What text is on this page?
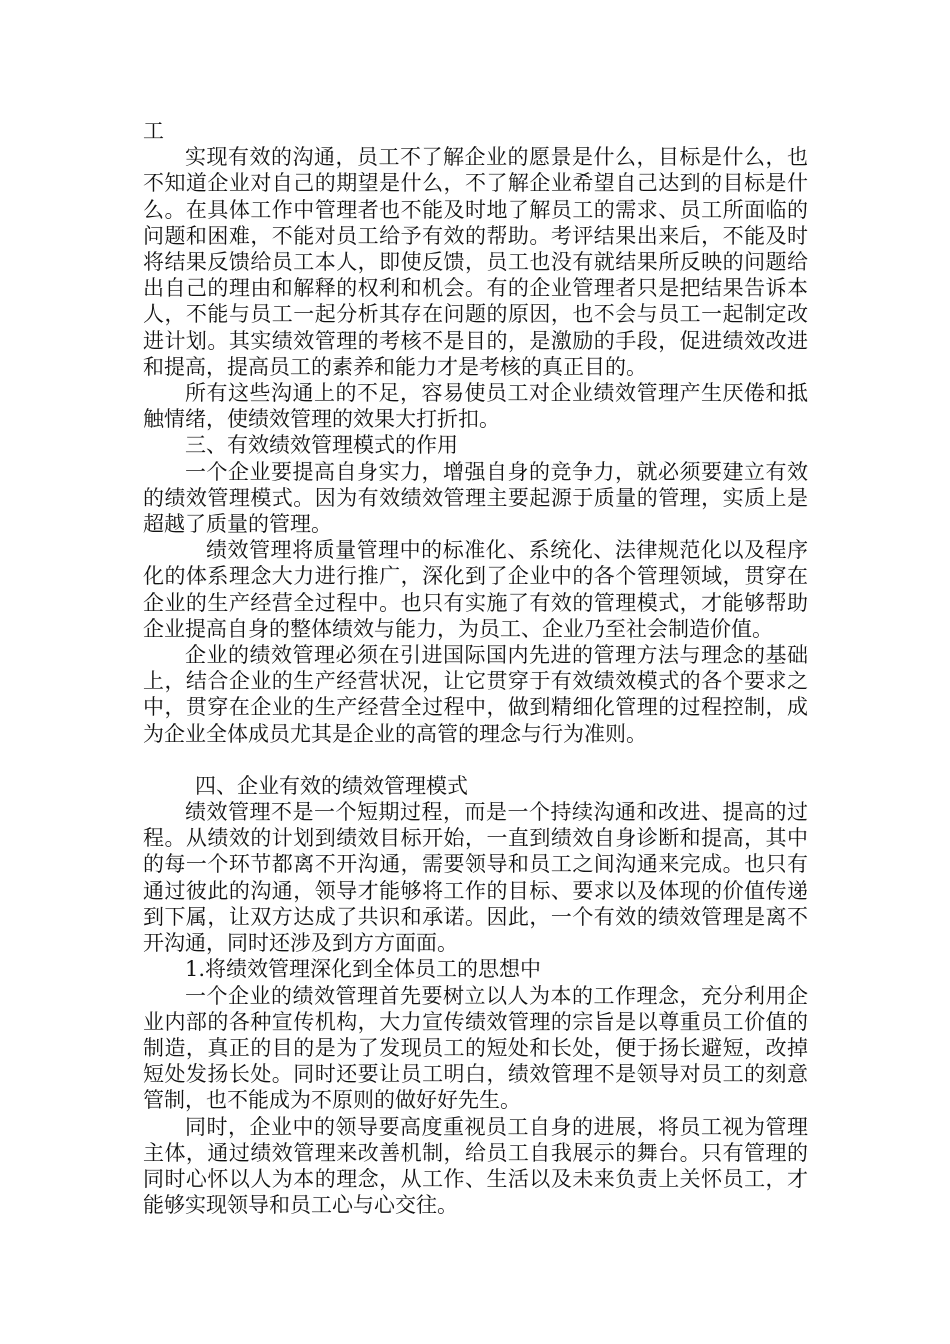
工

实现有效的沟通，员工不了解企业的愿景是什么，目标是什么，也不知道企业对自己的期望是什么，不了解企业希望自己达到的目标是什么。在具体工作中管理者也不能及时地了解员工的需求、员工所面临的问题和困难，不能对员工给予有效的帮助。考评结果出来后，不能及时将结果反馈给员工本人，即使反馈，员工也没有就结果所反映的问题给出自己的理由和解释的权利和机会。有的企业管理者只是把结果告诉本人，不能与员工一起分析其存在问题的原因，也不会与员工一起制定改进计划。其实绩效管理的考核不是目的，是激励的手段，促进绩效改进和提高，提高员工的素养和能力才是考核的真正目的。

所有这些沟通上的不足，容易使员工对企业绩效管理产生厌倦和抵触情绪，使绩效管理的效果大打折扣。

三、有效绩效管理模式的作用

一个企业要提高自身实力，增强自身的竞争力，就必须要建立有效的绩效管理模式。因为有效绩效管理主要起源于质量的管理，实质上是超越了质量的管理。

绩效管理将质量管理中的标准化、系统化、法律规范化以及程序化的体系理念大力进行推广，深化到了企业中的各个管理领域，贯穿在企业的生产经营全过程中。也只有实施了有效的管理模式，才能够帮助企业提高自身的整体绩效与能力，为员工、企业乃至社会制造价值。

企业的绩效管理必须在引进国际国内先进的管理方法与理念的基础上，结合企业的生产经营状况，让它贯穿于有效绩效模式的各个要求之中，贯穿在企业的生产经营全过程中，做到精细化管理的过程控制，成为企业全体成员尤其是企业的高管的理念与行为准则。

四、企业有效的绩效管理模式

绩效管理不是一个短期过程，而是一个持续沟通和改进、提高的过程。从绩效的计划到绩效目标开始，一直到绩效自身诊断和提高，其中的每一个环节都离不开沟通，需要领导和员工之间沟通来完成。也只有通过彼此的沟通，领导才能够将工作的目标、要求以及体现的价值传递到下属，让双方达成了共识和承诺。因此，一个有效的绩效管理是离不开沟通，同时还涉及到方方面面。

1.将绩效管理深化到全体员工的思想中

一个企业的绩效管理首先要树立以人为本的工作理念，充分利用企业内部的各种宣传机构，大力宣传绩效管理的宗旨是以尊重员工价值的制造，真正的目的是为了发现员工的短处和长处，便于扬长避短，改掉短处发扬长处。同时还要让员工明白，绩效管理不是领导对员工的刻意管制，也不能成为不原则的做好好先生。

同时，企业中的领导要高度重视员工自身的进展，将员工视为管理主体，通过绩效管理来改善机制，给员工自我展示的舞台。只有管理的同时心怀以人为本的理念，从工作、生活以及未来负责上关怀员工，才能够实现领导和员工心与心交往。
